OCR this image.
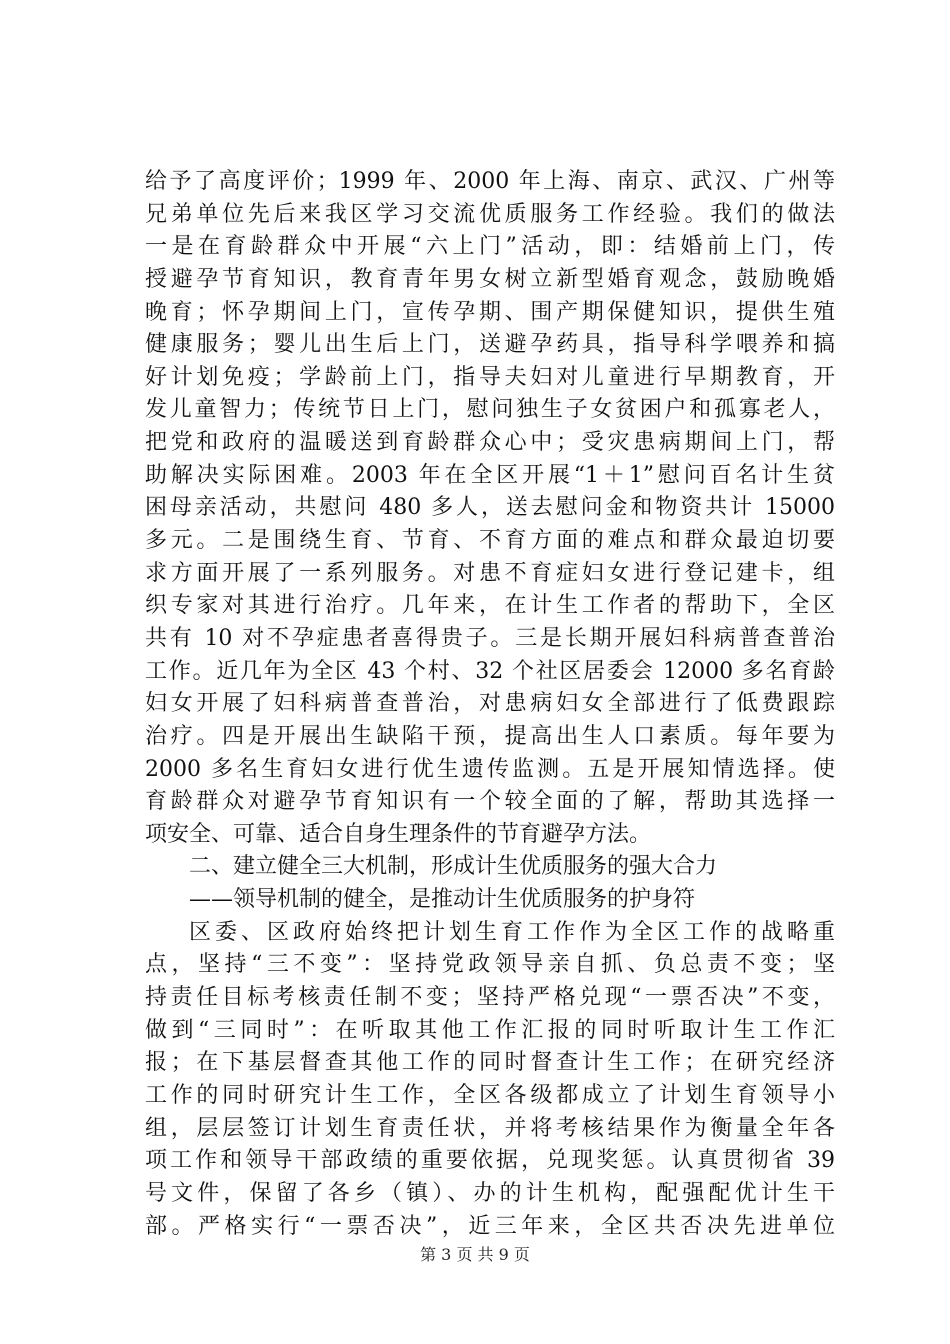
给予了高度评价；1999 年、2000 年上海、南京、武汉、广州等
兄弟单位先后来我区学习交流优质服务工作经验。我们的做法
一是在育龄群众中开展“六上门”活动，即：结婚前上门，传
授避孕节育知识，教育青年男女树立新型婚育观念，鼓励晚婚
晚育；怀孕期间上门，宣传孕期、围产期保健知识，提供生殖
健康服务；婴儿出生后上门，送避孕药具，指导科学喂养和搞
好计划免疫；学龄前上门，指导夫妇对儿童进行早期教育，开
发儿童智力；传统节日上门，慰问独生子女贫困户和孤寡老人，
把党和政府的温暖送到育龄群众心中；受灾患病期间上门，帮
助解决实际困难。2003 年在全区开展“1＋1”慰问百名计生贫
困母亲活动，共慰问 480 多人，送去慰问金和物资共计 15000
多元。二是围绕生育、节育、不育方面的难点和群众最迫切要
求方面开展了一系列服务。对患不育症妇女进行登记建卡，组
织专家对其进行治疗。几年来，在计生工作者的帮助下，全区
共有 10 对不孕症患者喜得贵子。三是长期开展妇科病普查普治
工作。近几年为全区 43 个村、32 个社区居委会 12000 多名育龄
妇女开展了妇科病普查普治，对患病妇女全部进行了低费跟踪
治疗。四是开展出生缺陷干预，提高出生人口素质。每年要为
2000 多名生育妇女进行优生遗传监测。五是开展知情选择。使
育龄群众对避孕节育知识有一个较全面的了解，帮助其选择一
项安全、可靠、适合自身生理条件的节育避孕方法。
二、建立健全三大机制，形成计生优质服务的强大合力
——领导机制的健全，是推动计生优质服务的护身符
区委、区政府始终把计划生育工作作为全区工作的战略重
点，坚持“三不变”：坚持党政领导亲自抓、负总责不变；坚
持责任目标考核责任制不变；坚持严格兑现“一票否决”不变，
做到“三同时”：在听取其他工作汇报的同时听取计生工作汇
报；在下基层督查其他工作的同时督查计生工作；在研究经济
工作的同时研究计生工作，全区各级都成立了计划生育领导小
组，层层签订计划生育责任状，并将考核结果作为衡量全年各
项工作和领导干部政绩的重要依据，兑现奖惩。认真贯彻省 39
号文件，保留了各乡（镇）、办的计生机构，配强配优计生干
部。严格实行“一票否决”，近三年来，全区共否决先进单位
第 3 页 共 9 页
